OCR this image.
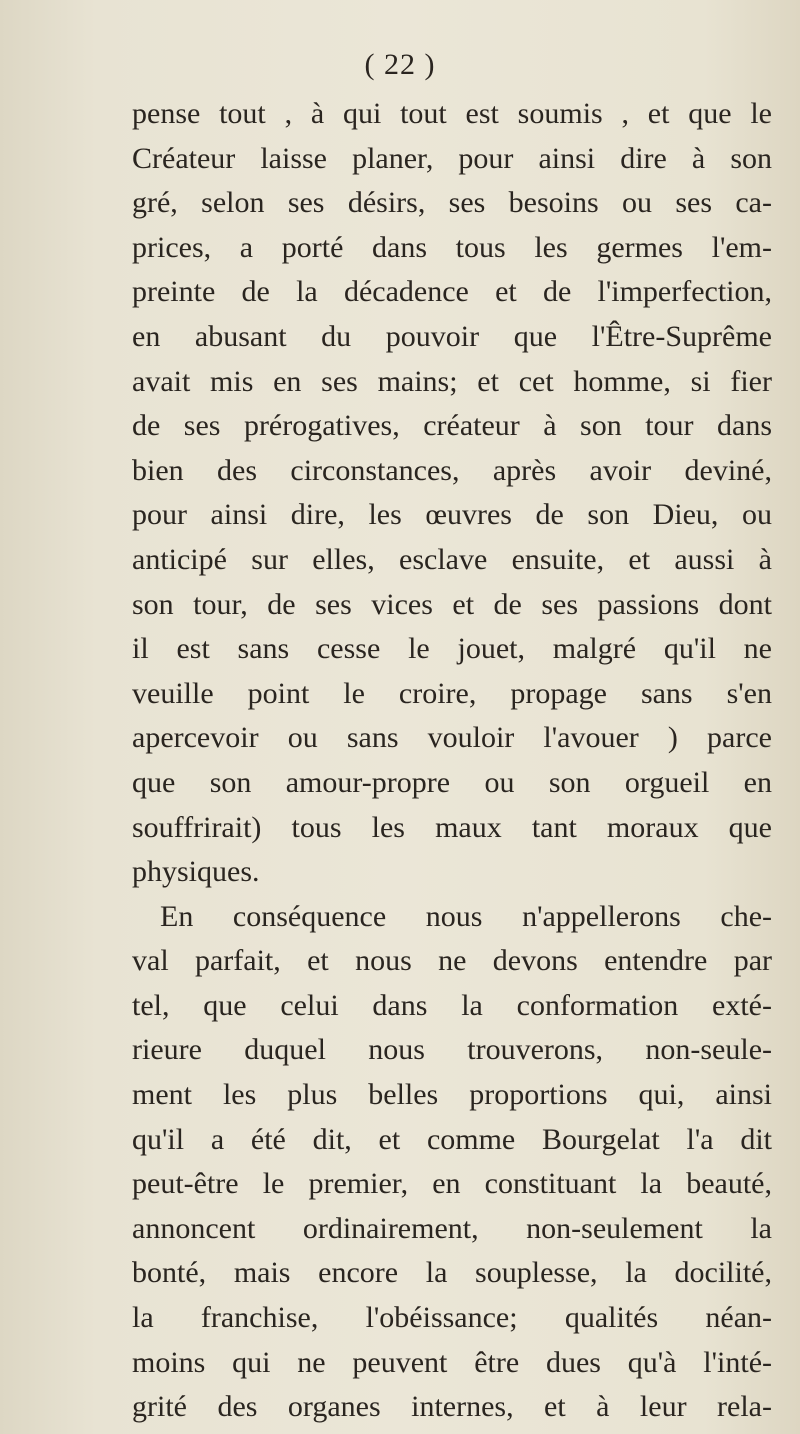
( 22 )
pense tout , à qui tout est soumis , et que le
Créateur laisse planer, pour ainsi dire à son
gré, selon ses désirs, ses besoins ou ses ca-
prices, a porté dans tous les germes l'em-
preinte de la décadence et de l'imperfection,
en abusant du pouvoir que l'Être-Suprême
avait mis en ses mains; et cet homme, si fier
de ses prérogatives, créateur à son tour dans
bien des circonstances, après avoir deviné,
pour ainsi dire, les œuvres de son Dieu, ou
anticipé sur elles, esclave ensuite, et aussi à
son tour, de ses vices et de ses passions dont
il est sans cesse le jouet, malgré qu'il ne
veuille point le croire, propage sans s'en
apercevoir ou sans vouloir l'avouer ) parce
que son amour-propre ou son orgueil en
souffrirait) tous les maux tant moraux que
physiques.
En conséquence nous n'appellerons che-
val parfait, et nous ne devons entendre par
tel, que celui dans la conformation exté-
rieure duquel nous trouverons, non-seule-
ment les plus belles proportions qui, ainsi
qu'il a été dit, et comme Bourgelat l'a dit
peut-être le premier, en constituant la beauté,
annoncent ordinairement, non-seulement la
bonté, mais encore la souplesse, la docilité,
la franchise, l'obéissance; qualités néan-
moins qui ne peuvent être dues qu'à l'inté-
grité des organes internes, et à leur rela-
